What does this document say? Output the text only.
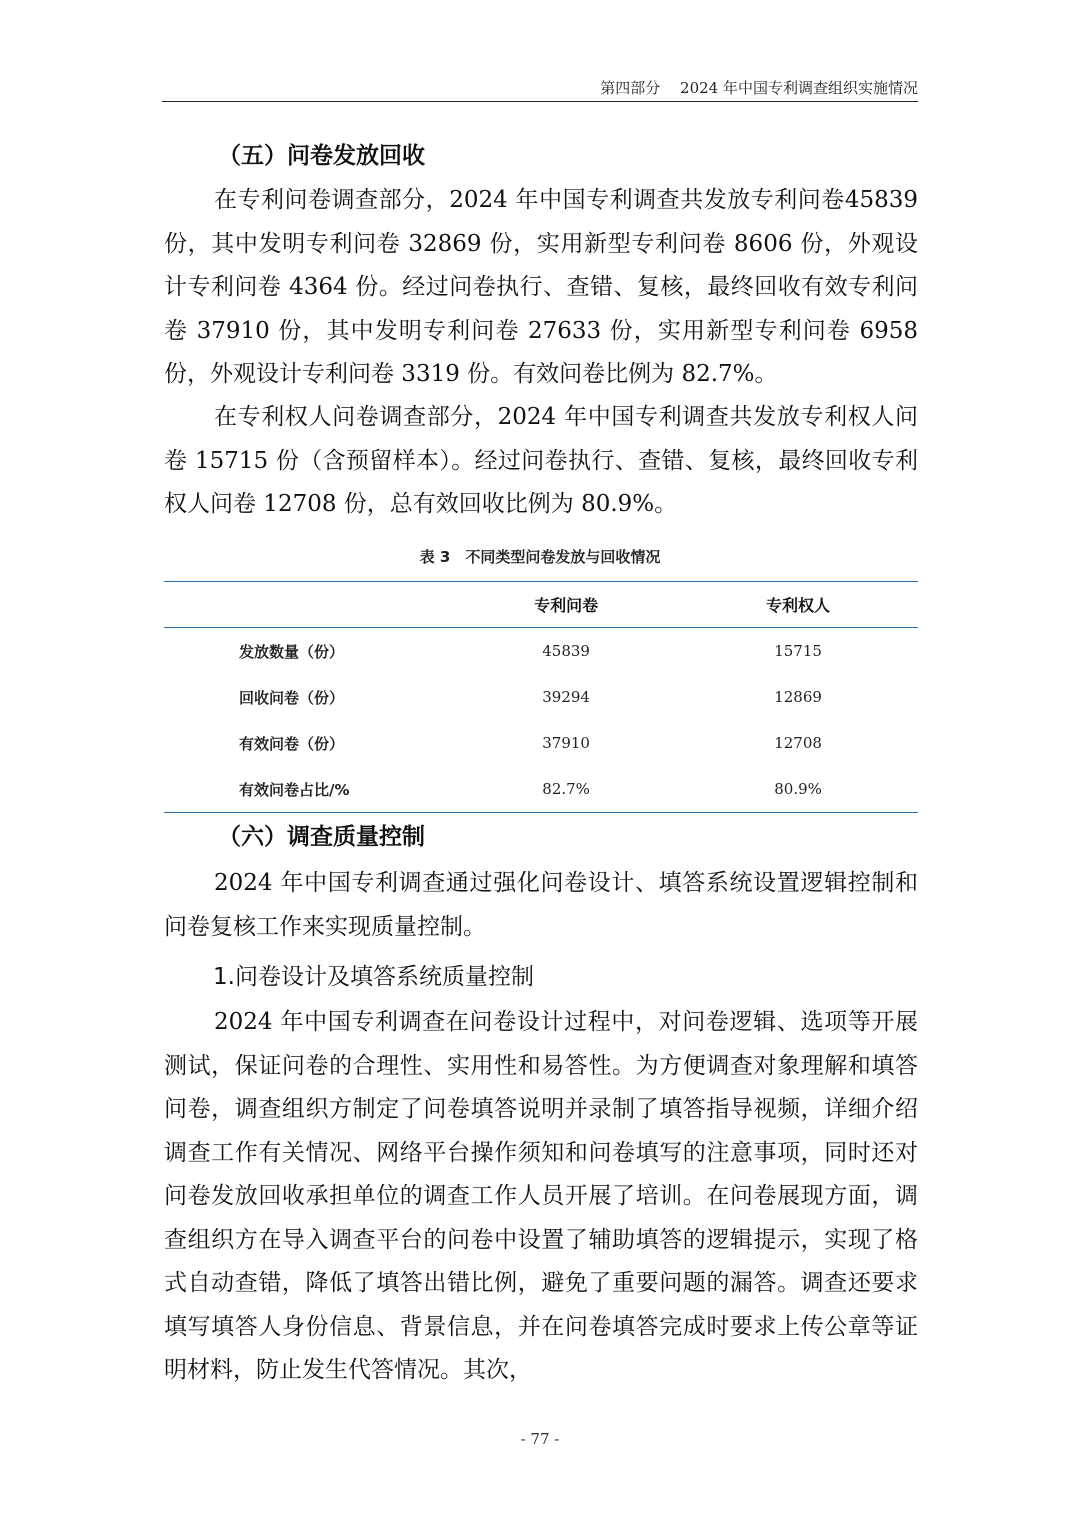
第四部分　 2024 年中国专利调查组织实施情况
（五）问卷发放回收
在专利问卷调查部分，2024 年中国专利调查共发放专利问卷45839 份，其中发明专利问卷 32869 份，实用新型专利问卷 8606 份，外观设计专利问卷 4364 份。经过问卷执行、查错、复核，最终回收有效专利问卷 37910 份，其中发明专利问卷 27633 份，实用新型专利问卷 6958 份，外观设计专利问卷 3319 份。有效问卷比例为 82.7%。
在专利权人问卷调查部分，2024 年中国专利调查共发放专利权人问卷 15715 份（含预留样本）。经过问卷执行、查错、复核，最终回收专利权人问卷 12708 份，总有效回收比例为 80.9%。
表 3　不同类型问卷发放与回收情况
	专利问卷	专利权人
发放数量（份）	45839	15715
回收问卷（份）	39294	12869
有效问卷（份）	37910	12708
有效问卷占比/%	82.7%	80.9%
（六）调查质量控制
2024 年中国专利调查通过强化问卷设计、填答系统设置逻辑控制和问卷复核工作来实现质量控制。
1.问卷设计及填答系统质量控制
2024 年中国专利调查在问卷设计过程中，对问卷逻辑、选项等开展测试，保证问卷的合理性、实用性和易答性。为方便调查对象理解和填答问卷，调查组织方制定了问卷填答说明并录制了填答指导视频，详细介绍调查工作有关情况、网络平台操作须知和问卷填写的注意事项，同时还对问卷发放回收承担单位的调查工作人员开展了培训。在问卷展现方面，调查组织方在导入调查平台的问卷中设置了辅助填答的逻辑提示，实现了格式自动查错，降低了填答出错比例，避免了重要问题的漏答。调查还要求填写填答人身份信息、背景信息，并在问卷填答完成时要求上传公章等证明材料，防止发生代答情况。其次，
- 77 -
